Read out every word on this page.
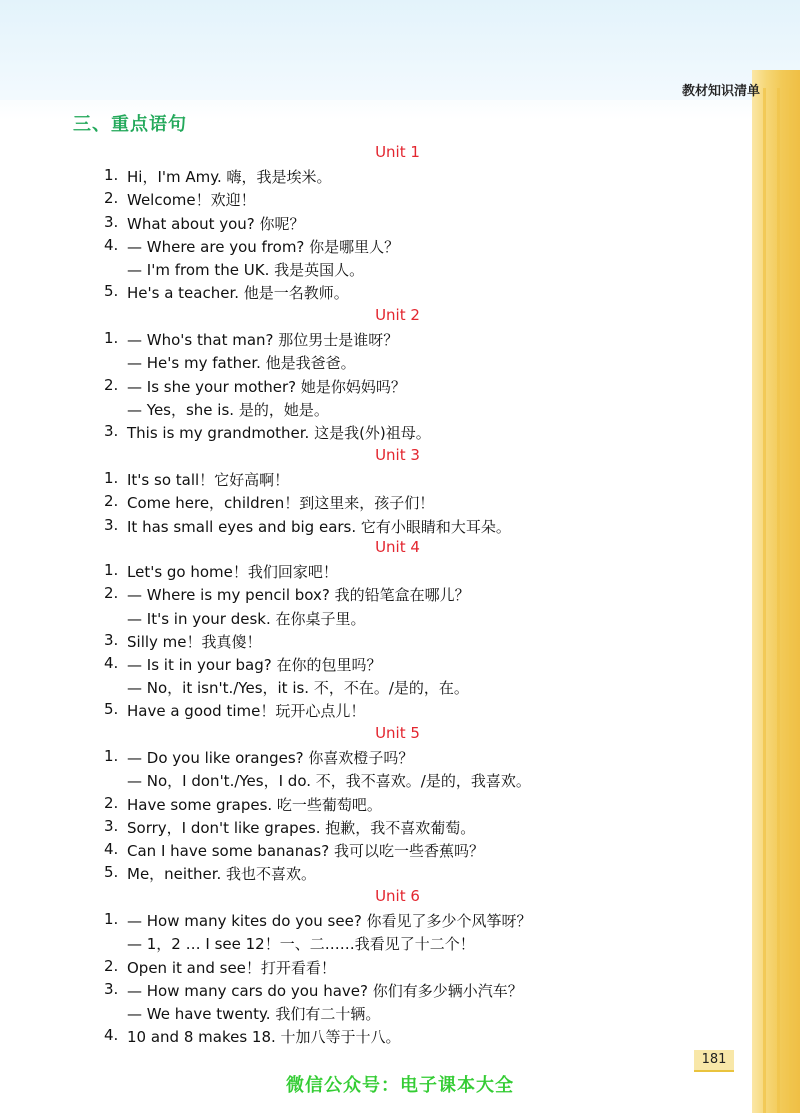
教材知识清单
三、重点语句
Unit 1
1. Hi，I'm Amy. 嗨，我是埃米。
2. Welcome！欢迎！
3. What about you? 你呢？
4. — Where are you from? 你是哪里人？
— I'm from the UK. 我是英国人。
5. He's a teacher. 他是一名教师。
Unit 2
1. — Who's that man? 那位男士是谁呀？
— He's my father. 他是我爸爸。
2. — Is she your mother? 她是你妈妈吗？
— Yes，she is. 是的，她是。
3. This is my grandmother. 这是我(外)祖母。
Unit 3
1. It's so tall！它好高啊！
2. Come here，children！到这里来，孩子们！
3. It has small eyes and big ears. 它有小眼睛和大耳朵。
Unit 4
1. Let's go home！我们回家吧！
2. — Where is my pencil box? 我的铅笔盒在哪儿？
— It's in your desk. 在你桌子里。
3. Silly me！我真傻！
4. — Is it in your bag? 在你的包里吗？
— No，it isn't./Yes，it is. 不，不在。/是的，在。
5. Have a good time！玩开心点儿！
Unit 5
1. — Do you like oranges? 你喜欢橙子吗？
— No，I don't./Yes，I do. 不，我不喜欢。/是的，我喜欢。
2. Have some grapes. 吃一些葡萄吧。
3. Sorry，I don't like grapes. 抱歉，我不喜欢葡萄。
4. Can I have some bananas? 我可以吃一些香蕉吗？
5. Me，neither. 我也不喜欢。
Unit 6
1. — How many kites do you see? 你看见了多少个风筝呀？
— 1，2 … I see 12！一、二……我看见了十二个！
2. Open it and see！打开看看！
3. — How many cars do you have? 你们有多少辆小汽车？
— We have twenty. 我们有二十辆。
4. 10 and 8 makes 18. 十加八等于十八。
181
微信公众号：电子课本大全
